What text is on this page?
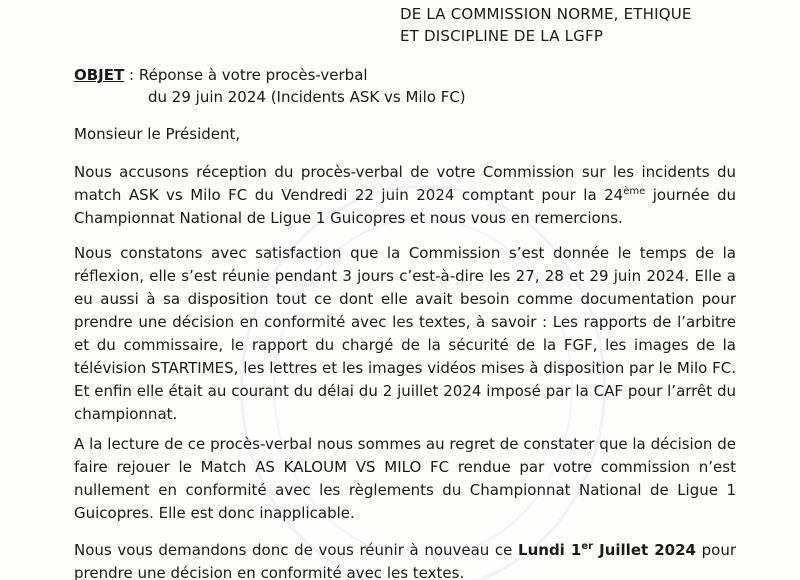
DE LA COMMISSION NORME, ETHIQUE
ET DISCIPLINE DE LA LGFP
OBJET : Réponse à votre procès-verbal
du 29 juin 2024 (Incidents ASK vs Milo FC)
Monsieur le Président,

Nous accusons réception du procès-verbal de votre Commission sur les incidents du match ASK vs Milo FC du Vendredi 22 juin 2024 comptant pour la 24ème journée du Championnat National de Ligue 1 Guicopres et nous vous en remercions.

Nous constatons avec satisfaction que la Commission s’est donnée le temps de la réflexion, elle s’est réunie pendant 3 jours c’est-à-dire les 27, 28 et 29 juin 2024. Elle a eu aussi à sa disposition tout ce dont elle avait besoin comme documentation pour prendre une décision en conformité avec les textes, à savoir : Les rapports de l’arbitre et du commissaire, le rapport du chargé de la sécurité de la FGF, les images de la télévision STARTIMES, les lettres et les images vidéos mises à disposition par le Milo FC. Et enfin elle était au courant du délai du 2 juillet 2024 imposé par la CAF pour l’arrêt du championnat.

A la lecture de ce procès-verbal nous sommes au regret de constater que la décision de faire rejouer le Match AS KALOUM VS MILO FC rendue par votre commission n’est nullement en conformité avec les règlements du Championnat National de Ligue 1 Guicopres. Elle est donc inapplicable.

Nous vous demandons donc de vous réunir à nouveau ce Lundi 1er Juillet 2024 pour prendre une décision en conformité avec les textes.
